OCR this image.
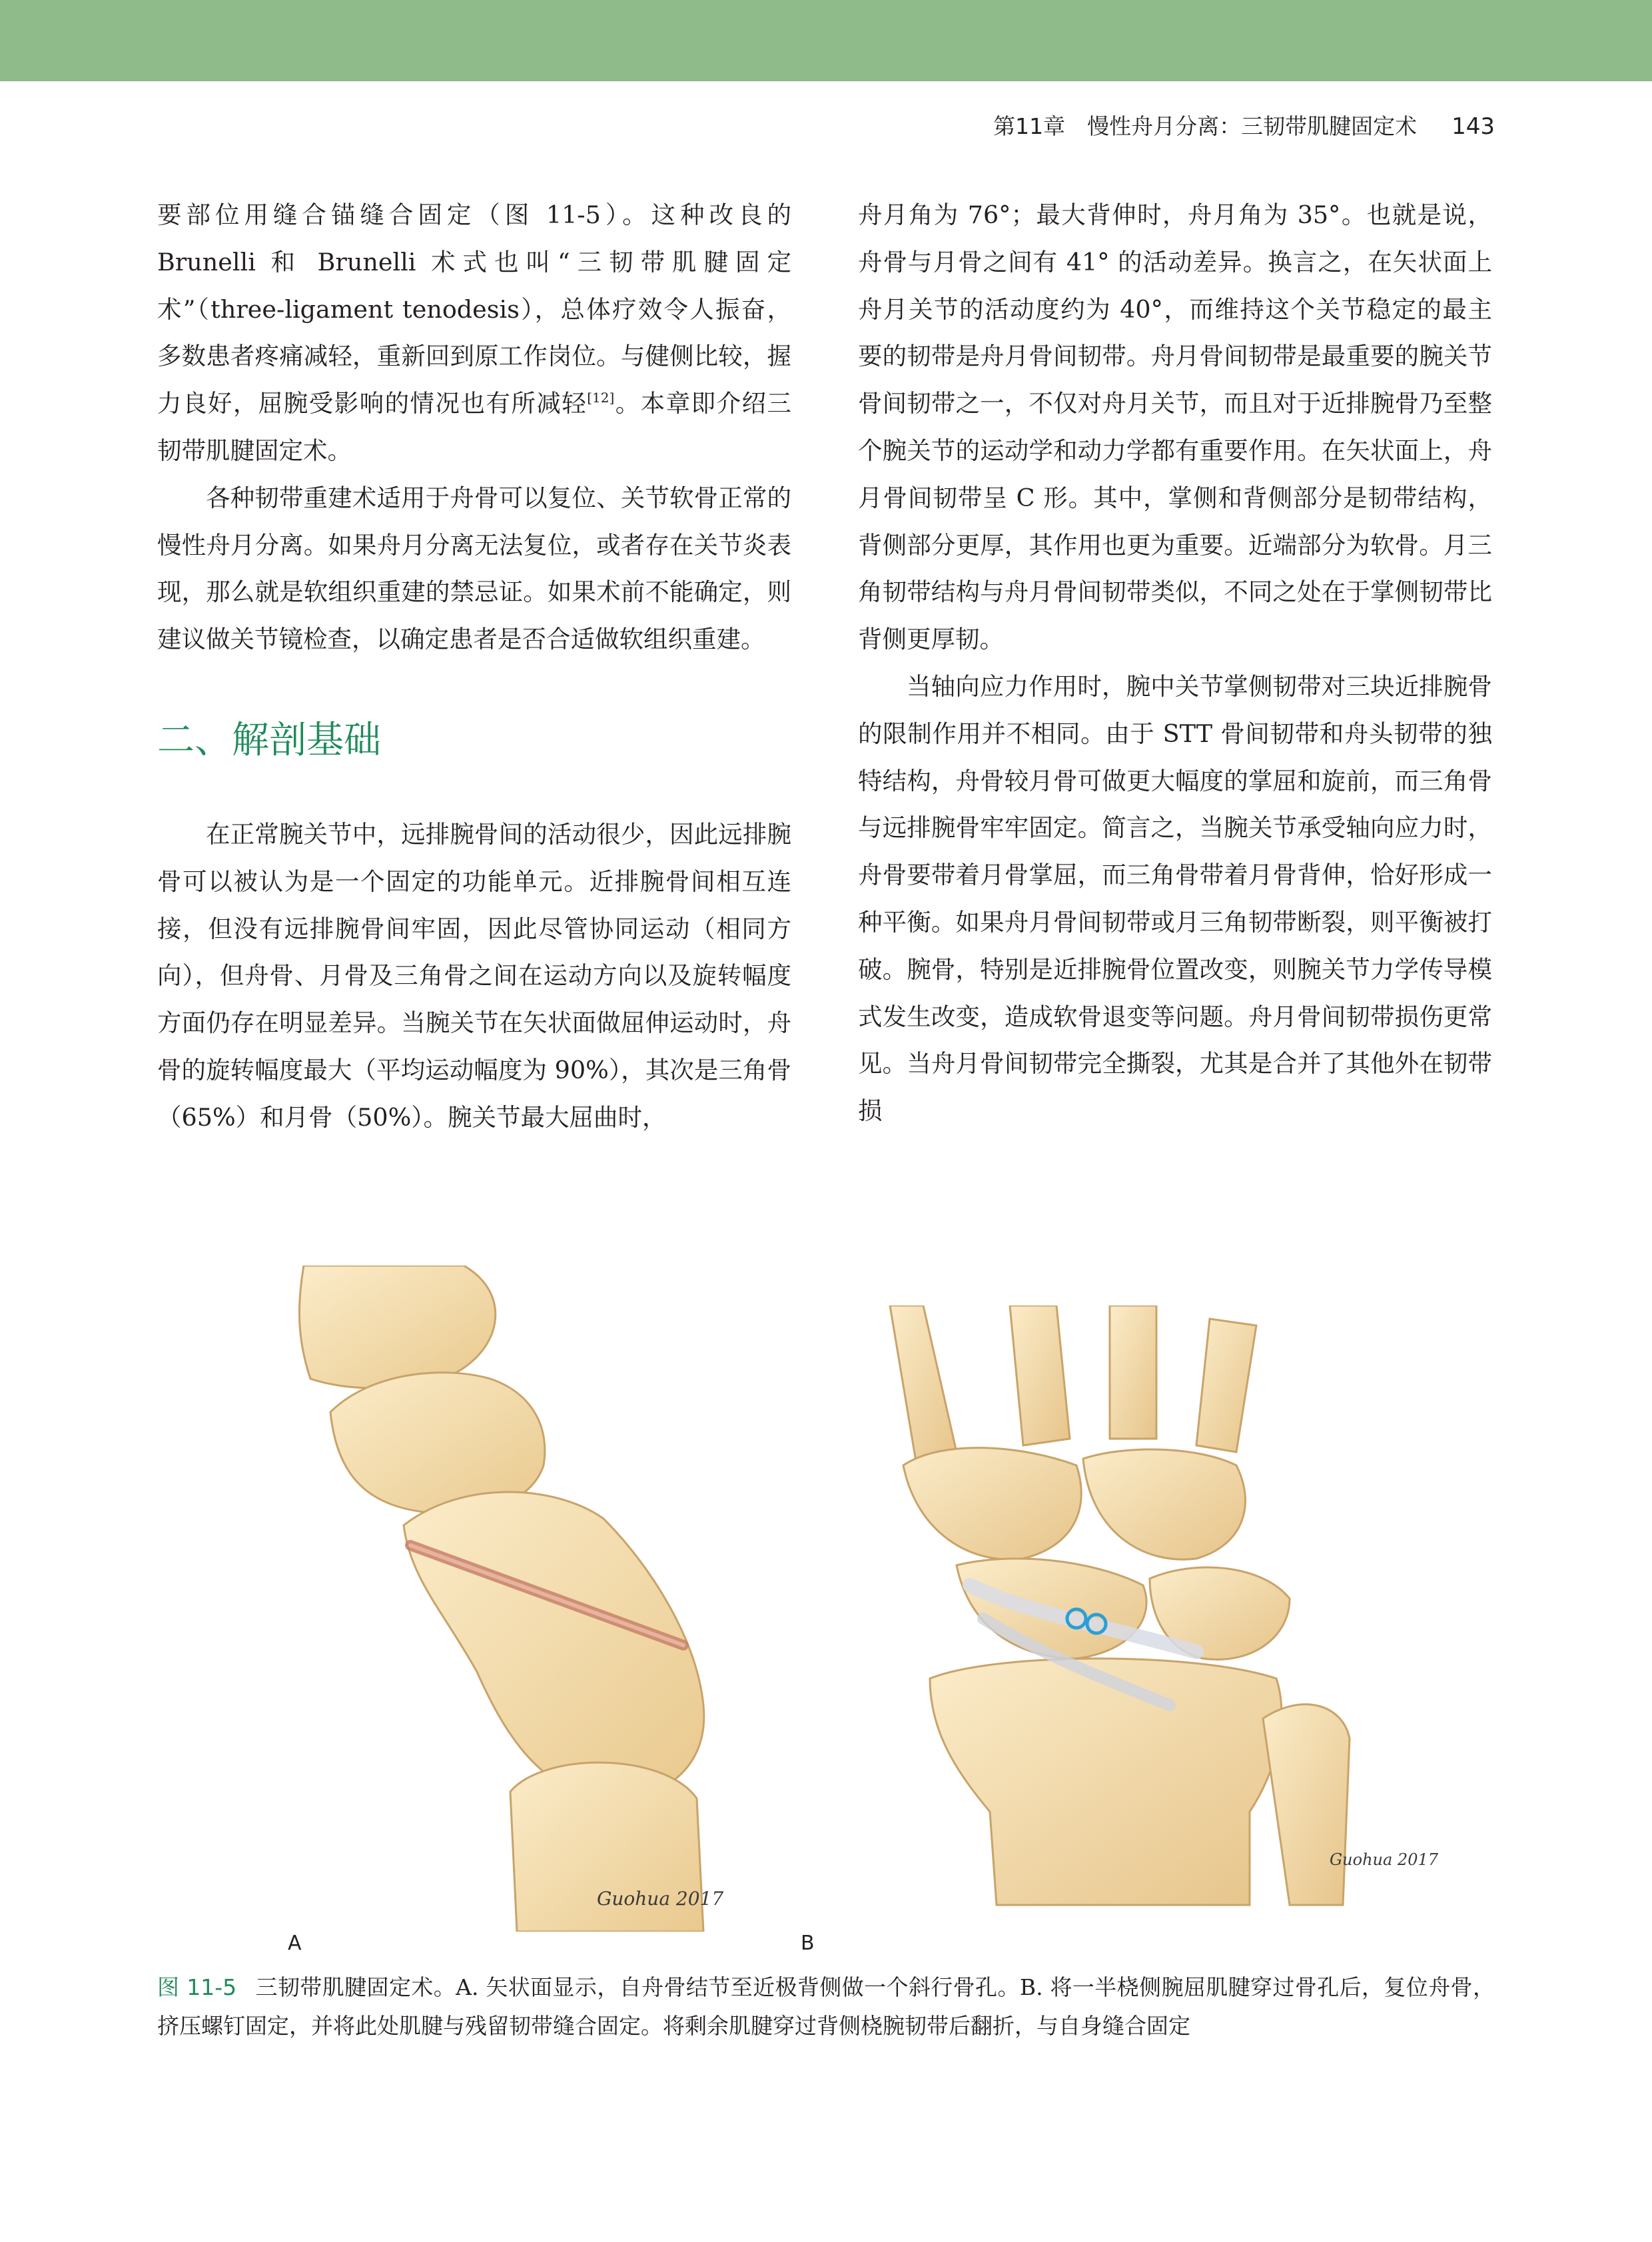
第11章　慢性舟月分离：三韧带肌腱固定术 143

要部位用缝合锚缝合固定（图 11-5）。这种改良的 Brunelli 和 Brunelli 术式也叫“三韧带肌腱固定术”（three-ligament tenodesis），总体疗效令人振奋，多数患者疼痛减轻，重新回到原工作岗位。与健侧比较，握力良好，屈腕受影响的情况也有所减轻[12]。本章即介绍三韧带肌腱固定术。

各种韧带重建术适用于舟骨可以复位、关节软骨正常的慢性舟月分离。如果舟月分离无法复位，或者存在关节炎表现，那么就是软组织重建的禁忌证。如果术前不能确定，则建议做关节镜检查，以确定患者是否合适做软组织重建。

二、解剖基础

在正常腕关节中，远排腕骨间的活动很少，因此远排腕骨可以被认为是一个固定的功能单元。近排腕骨间相互连接，但没有远排腕骨间牢固，因此尽管协同运动（相同方向），但舟骨、月骨及三角骨之间在运动方向以及旋转幅度方面仍存在明显差异。当腕关节在矢状面做屈伸运动时，舟骨的旋转幅度最大（平均运动幅度为 90%），其次是三角骨（65%）和月骨（50%）。腕关节最大屈曲时，

舟月角为 76°；最大背伸时，舟月角为 35°。也就是说，舟骨与月骨之间有 41° 的活动差异。换言之，在矢状面上舟月关节的活动度约为 40°，而维持这个关节稳定的最主要的韧带是舟月骨间韧带。舟月骨间韧带是最重要的腕关节骨间韧带之一，不仅对舟月关节，而且对于近排腕骨乃至整个腕关节的运动学和动力学都有重要作用。在矢状面上，舟月骨间韧带呈 C 形。其中，掌侧和背侧部分是韧带结构，背侧部分更厚，其作用也更为重要。近端部分为软骨。月三角韧带结构与舟月骨间韧带类似，不同之处在于掌侧韧带比背侧更厚韧。

当轴向应力作用时，腕中关节掌侧韧带对三块近排腕骨的限制作用并不相同。由于 STT 骨间韧带和舟头韧带的独特结构，舟骨较月骨可做更大幅度的掌屈和旋前，而三角骨与远排腕骨牢牢固定。简言之，当腕关节承受轴向应力时，舟骨要带着月骨掌屈，而三角骨带着月骨背伸，恰好形成一种平衡。如果舟月骨间韧带或月三角韧带断裂，则平衡被打破。腕骨，特别是近排腕骨位置改变，则腕关节力学传导模式发生改变，造成软骨退变等问题。舟月骨间韧带损伤更常见。当舟月骨间韧带完全撕裂，尤其是合并了其他外在韧带损

Guohua 2017
A
Guohua 2017
B
图 11-5 三韧带肌腱固定术。A. 矢状面显示，自舟骨结节至近极背侧做一个斜行骨孔。B. 将一半桡侧腕屈肌腱穿过骨孔后，复位舟骨，挤压螺钉固定，并将此处肌腱与残留韧带缝合固定。将剩余肌腱穿过背侧桡腕韧带后翻折，与自身缝合固定
